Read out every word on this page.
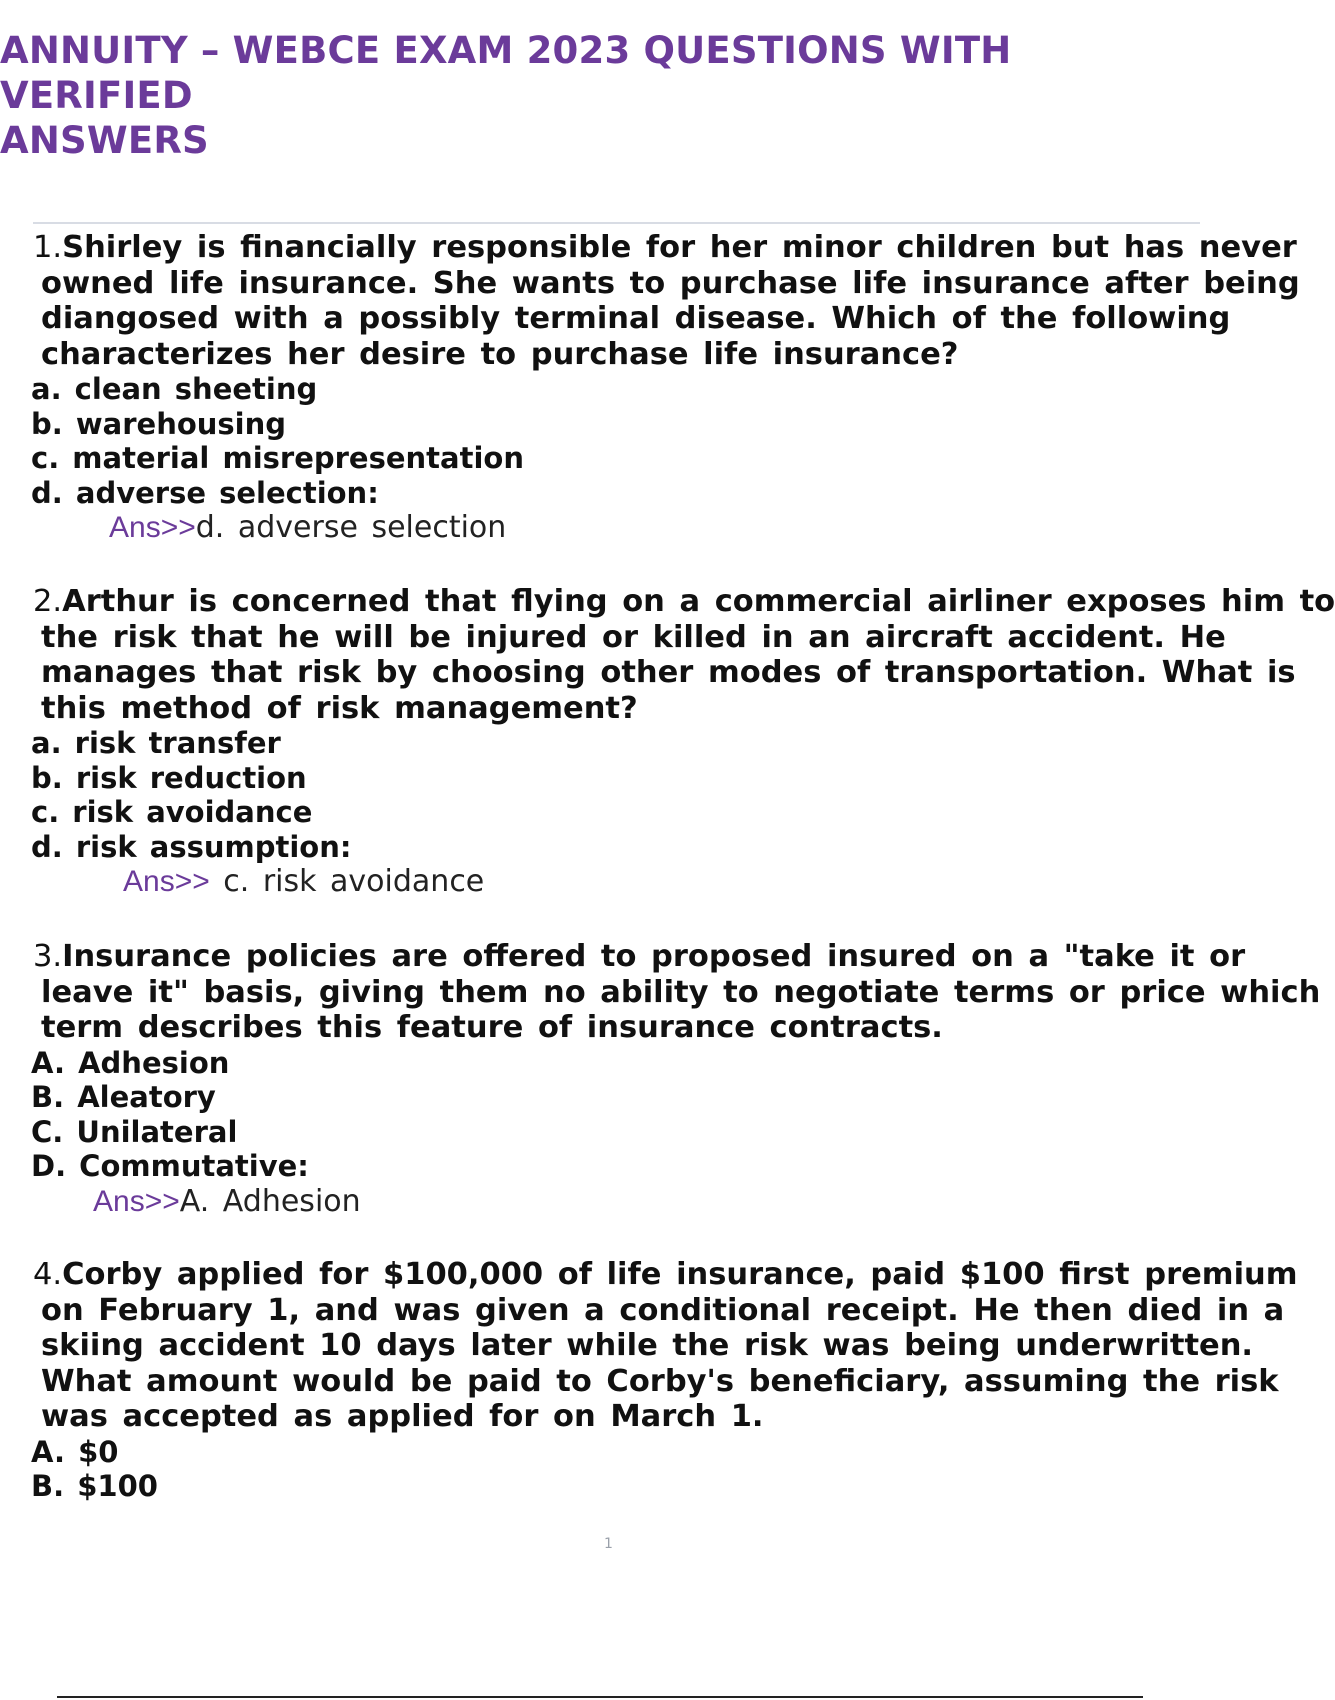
ANNUITY – WEBCE EXAM 2023 QUESTIONS WITH VERIFIED
ANSWERS

1.Shirley is financially responsible for her minor children but has never
owned life insurance. She wants to purchase life insurance after being
diangosed with a possibly terminal disease. Which of the following
characterizes her desire to purchase life insurance?

a. clean sheeting
b. warehousing
c. material misrepresentation
d. adverse selection:
Ans>>d. adverse selection

2.Arthur is concerned that flying on a commercial airliner exposes him to
the risk that he will be injured or killed in an aircraft accident. He
manages that risk by choosing other modes of transportation. What is
this method of risk management?

a. risk transfer
b. risk reduction
c. risk avoidance
d. risk assumption:
Ans>> c. risk avoidance

3.Insurance policies are offered to proposed insured on a "take it or
leave it" basis, giving them no ability to negotiate terms or price which
term describes this feature of insurance contracts.

A. Adhesion
B. Aleatory
C. Unilateral
D. Commutative:
Ans>>A. Adhesion

4.Corby applied for $100,000 of life insurance, paid $100 first premium
on February 1, and was given a conditional receipt. He then died in a
skiing accident 10 days later while the risk was being underwritten.
What amount would be paid to Corby's beneficiary, assuming the risk
was accepted as applied for on March 1.

A. $0
B. $100
1
